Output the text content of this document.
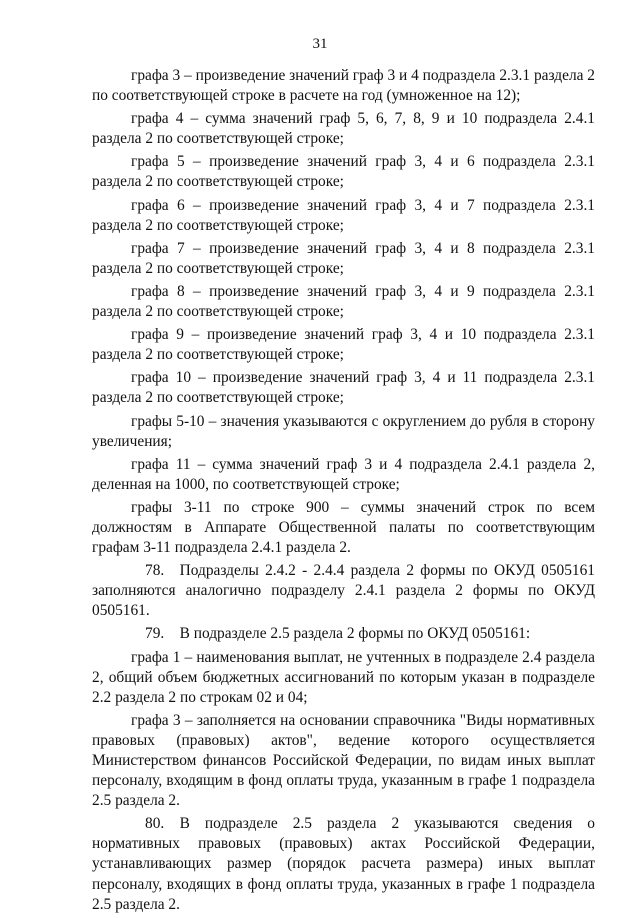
31

графа 3 – произведение значений граф 3 и 4 подраздела 2.3.1 раздела 2 по соответствующей строке в расчете на год (умноженное на 12);

графа 4 – сумма значений граф 5, 6, 7, 8, 9 и 10 подраздела 2.4.1 раздела 2 по соответствующей строке;

графа 5 – произведение значений граф 3, 4 и 6 подраздела 2.3.1 раздела 2 по соответствующей строке;

графа 6 – произведение значений граф 3, 4 и 7 подраздела 2.3.1 раздела 2 по соответствующей строке;

графа 7 – произведение значений граф 3, 4 и 8 подраздела 2.3.1 раздела 2 по соответствующей строке;

графа 8 – произведение значений граф 3, 4 и 9 подраздела 2.3.1 раздела 2 по соответствующей строке;

графа 9 – произведение значений граф 3, 4 и 10 подраздела 2.3.1 раздела 2 по соответствующей строке;

графа 10 – произведение значений граф 3, 4 и 11 подраздела 2.3.1 раздела 2 по соответствующей строке;

графы 5-10 – значения указываются с округлением до рубля в сторону увеличения;

графа 11 – сумма значений граф 3 и 4 подраздела 2.4.1 раздела 2, деленная на 1000, по соответствующей строке;

графы 3-11 по строке 900 – суммы значений строк по всем должностям в Аппарате Общественной палаты по соответствующим графам 3-11 подраздела 2.4.1 раздела 2.

78. Подразделы 2.4.2 - 2.4.4 раздела 2 формы по ОКУД 0505161 заполняются аналогично подразделу 2.4.1 раздела 2 формы по ОКУД 0505161.

79. В подразделе 2.5 раздела 2 формы по ОКУД 0505161:

графа 1 – наименования выплат, не учтенных в подразделе 2.4 раздела 2, общий объем бюджетных ассигнований по которым указан в подразделе 2.2 раздела 2 по строкам 02 и 04;

графа 3 – заполняется на основании справочника "Виды нормативных правовых (правовых) актов", ведение которого осуществляется Министерством финансов Российской Федерации, по видам иных выплат персоналу, входящим в фонд оплаты труда, указанным в графе 1 подраздела 2.5 раздела 2.

80. В подразделе 2.5 раздела 2 указываются сведения о нормативных правовых (правовых) актах Российской Федерации, устанавливающих размер (порядок расчета размера) иных выплат персоналу, входящих в фонд оплаты труда, указанных в графе 1 подраздела 2.5 раздела 2.
